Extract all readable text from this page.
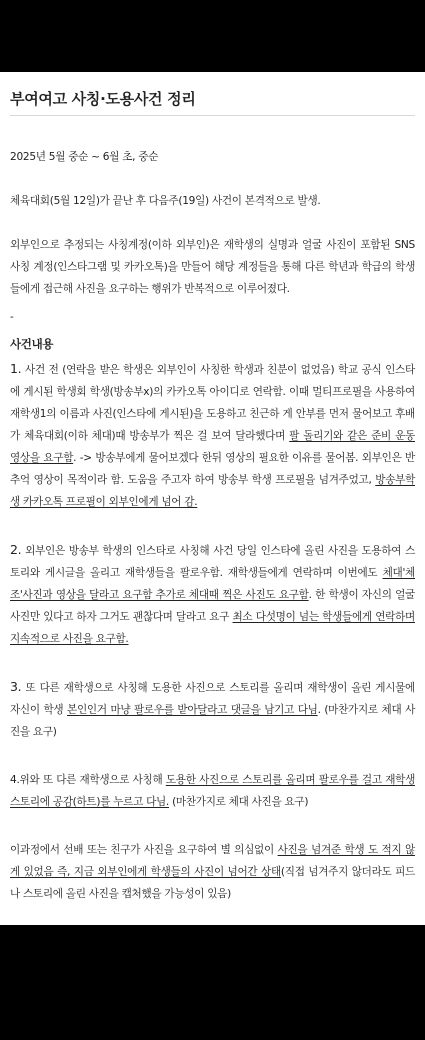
부여여고 사칭·도용사건 정리

2025년 5월 중순 ~ 6월 초, 중순

체육대회(5월 12일)가 끝난 후 다음주(19일) 사건이 본격적으로 발생.

외부인으로 추정되는 사칭계정(이하 외부인)은 재학생의 실명과 얼굴 사진이 포함된 SNS 사칭 계정(인스타그램 및 카카오톡)을 만들어 해당 계정들을 통해 다른 학년과 학급의 학생들에게 접근해 사진을 요구하는 행위가 반복적으로 이루어졌다.

-

사건내용

1. 사건 전 (연락을 받은 학생은 외부인이 사칭한 학생과 친분이 없었음) 학교 공식 인스타에 게시된 학생회 학생(방송부x)의 카카오톡 아이디로 연락함. 이때 멀티프로필을 사용하여 재학생1의 이름과 사진(인스타에 게시된)을 도용하고 친근하 게 안부를 먼저 물어보고 후배가 체육대회(이하 체대)때 방송부가 찍은 걸 보여 달라했다며 팔 돌리기와 같은 준비 운동 영상을 요구함. -> 방송부에게 물어보겠다 한뒤 영상의 필요한 이유를 물어봄. 외부인은 반 추억 영상이 목적이라 함. 도움을 주고자 하여 방송부 학생 프로필을 넘겨주었고, 방송부학생 카카오톡 프로필이 외부인에게 넘어 감.

2. 외부인은 방송부 학생의 인스타로 사칭해 사건 당일 인스타에 올린 사진을 도용하여 스토리와 게시글을 올리고 재학생들을 팔로우함. 재학생들에게 연락하며 이번에도 체대'체조'사진과 영상을 달라고 요구함 추가로 체대때 찍은 사진도 요구함. 한 학생이 자신의 얼굴 사진만 있다고 하자 그거도 괜찮다며 달라고 요구 최소 다섯명이 넘는 학생들에게 연락하며 지속적으로 사진을 요구함.

3. 또 다른 재학생으로 사칭해 도용한 사진으로 스토리를 올리며 재학생이 올린 게시물에 자신이 학생 본인인거 마냥 팔로우를 받아달라고 댓글을 남기고 다님. (마찬가지로 체대 사진을 요구)

4.위와 또 다른 재학생으로 사칭해 도용한 사진으로 스토리를 올리며 팔로우를 걸고 재학생 스토리에 공감(하트)를 누르고 다님. (마찬가지로 체대 사진을 요구)

이과정에서 선배 또는 친구가 사진을 요구하여 별 의심없이 사진을 넘겨준 학생 도 적지 않게 있었음 즉, 지금 외부인에게 학생들의 사진이 넘어간 상태(직접 넘겨주지 않더라도 피드나 스토리에 올린 사진을 캡처했을 가능성이 있음)
